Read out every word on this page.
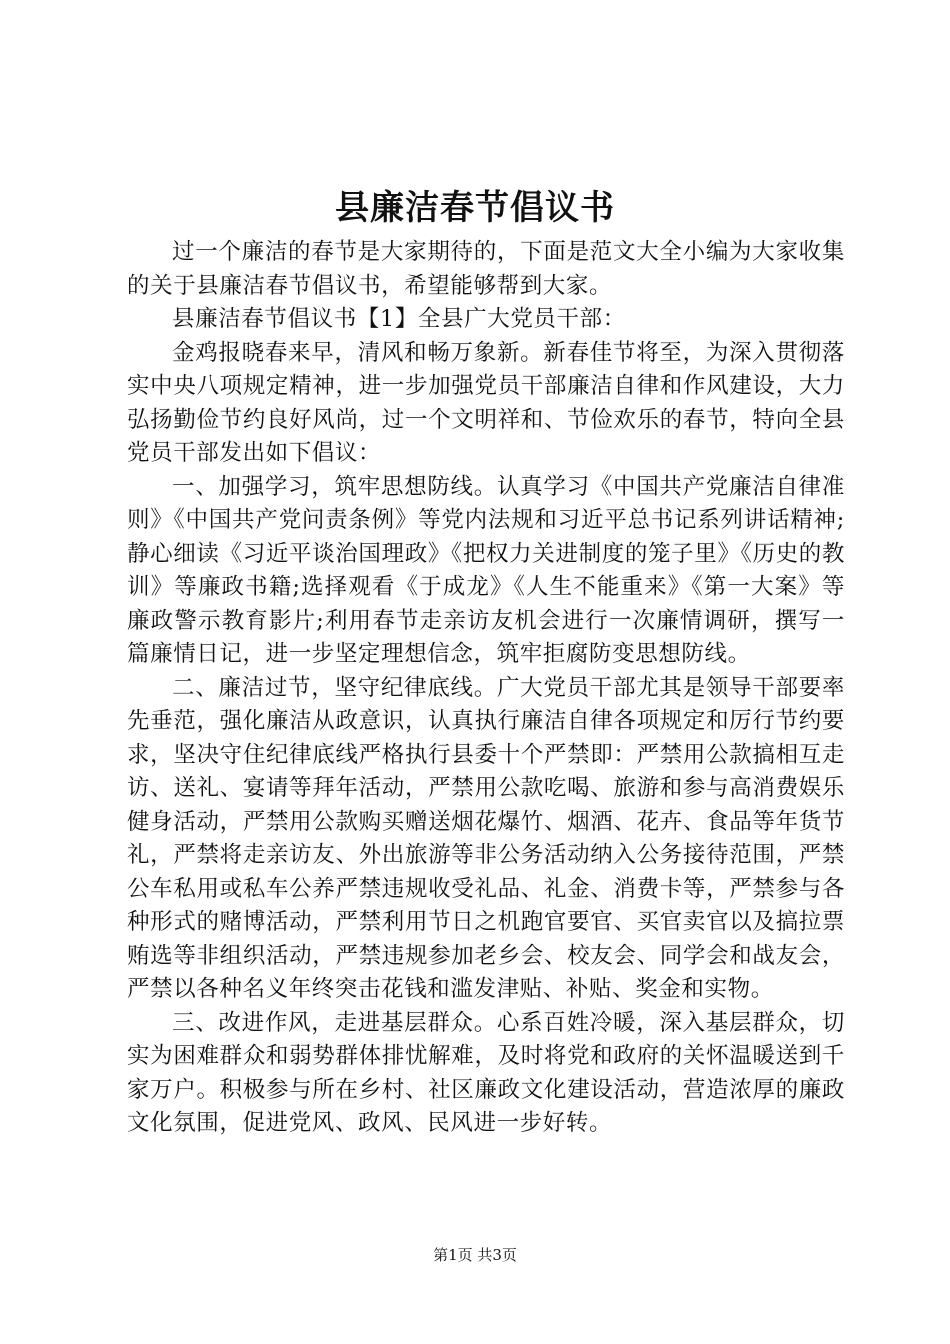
县廉洁春节倡议书

过一个廉洁的春节是大家期待的，下面是范文大全小编为大家收集的关于县廉洁春节倡议书，希望能够帮到大家。

县廉洁春节倡议书【1】全县广大党员干部：

金鸡报晓春来早，清风和畅万象新。新春佳节将至，为深入贯彻落实中央八项规定精神，进一步加强党员干部廉洁自律和作风建设，大力弘扬勤俭节约良好风尚，过一个文明祥和、节俭欢乐的春节，特向全县党员干部发出如下倡议：

一、加强学习，筑牢思想防线。认真学习《中国共产党廉洁自律准则》《中国共产党问责条例》等党内法规和习近平总书记系列讲话精神;静心细读《习近平谈治国理政》《把权力关进制度的笼子里》《历史的教训》等廉政书籍;选择观看《于成龙》《人生不能重来》《第一大案》等廉政警示教育影片;利用春节走亲访友机会进行一次廉情调研，撰写一篇廉情日记，进一步坚定理想信念，筑牢拒腐防变思想防线。

二、廉洁过节，坚守纪律底线。广大党员干部尤其是领导干部要率先垂范，强化廉洁从政意识，认真执行廉洁自律各项规定和厉行节约要求，坚决守住纪律底线严格执行县委十个严禁即：严禁用公款搞相互走访、送礼、宴请等拜年活动，严禁用公款吃喝、旅游和参与高消费娱乐健身活动，严禁用公款购买赠送烟花爆竹、烟酒、花卉、食品等年货节礼，严禁将走亲访友、外出旅游等非公务活动纳入公务接待范围，严禁公车私用或私车公养严禁违规收受礼品、礼金、消费卡等，严禁参与各种形式的赌博活动，严禁利用节日之机跑官要官、买官卖官以及搞拉票贿选等非组织活动，严禁违规参加老乡会、校友会、同学会和战友会，严禁以各种名义年终突击花钱和滥发津贴、补贴、奖金和实物。

三、改进作风，走进基层群众。心系百姓冷暖，深入基层群众，切实为困难群众和弱势群体排忧解难，及时将党和政府的关怀温暖送到千家万户。积极参与所在乡村、社区廉政文化建设活动，营造浓厚的廉政文化氛围，促进党风、政风、民风进一步好转。

第1页 共3页
